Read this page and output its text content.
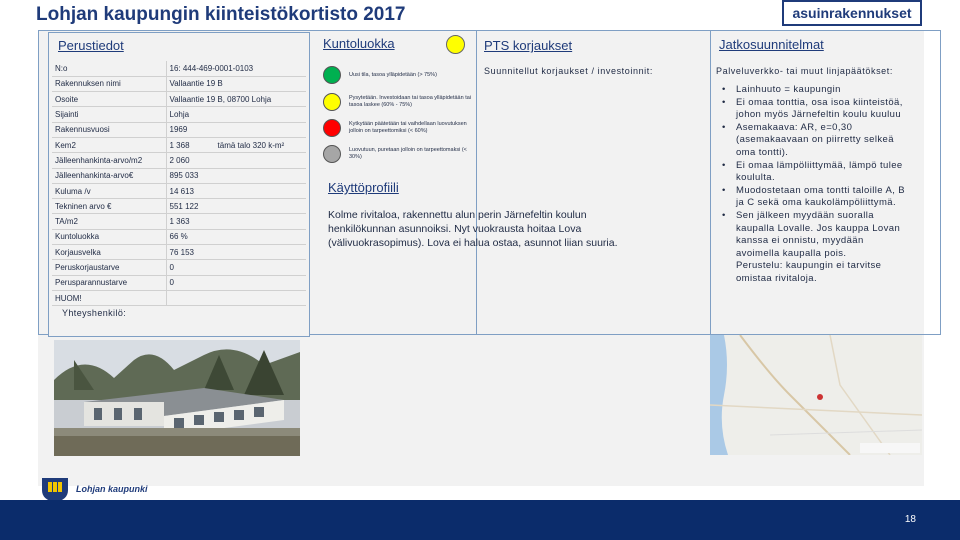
Lohjan kaupungin kiinteistökortisto 2017	asuinrakennukset
Perustiedot
N:o	16: 444-469-0001-0103
Rakennuksen nimi	Vallaantie 19 B
Osoite	Vallaantie 19 B, 08700 Lohja
Sijainti	Lohja
Rakennusvuosi	1969
Kem2	1 368 tämä talo 320 k-m²
Jälleenhankinta-arvo/m2	2 060
Jälleenhankinta-arvo€	895 033
Kuluma /v	14 613
Tekninen arvo €	551 122
TA/m2	1 363
Kuntoluokka	66 %
Korjausvelka	76 153
Peruskorjaustarve	0
Perusparannustarve	0
HUOM!	
Kuntoluokka
Uusi tila, tasoa ylläpidetään (> 75%)
Pysytetään. Investoidaan tai tasoa ylläpidetään tai tasoa laskee (60% - 75%)
Kytkytään päätetään tai vaihdellaan luovutuksen jolloin on tarpeettomiksi (< 60%)
Luovutuun, puretaan jolloin on tarpeettomaksi (< 30%)
Käyttöprofiili
Kolme rivitaloa, rakennettu alun perin Järnefeltin koulun henkilökunnan asunnoiksi. Nyt vuokrausta hoitaa Lova (välivuokrasopimus). Lova ei halua ostaa, asunnot liian suuria.
PTS korjaukset
Suunnitellut korjaukset / investoinnit:
Jatkosuunnitelmat
Palveluverkko- tai muut linjapäätökset:
• Lainhuuto = kaupungin
• Ei omaa tonttia, osa isoa kiinteistöä, johon myös Järnefeltin koulu kuuluu
• Asemakaava: AR, e=0,30 (asemakaavaan on piirretty selkeä oma tontti).
• Ei omaa lämpöliittymää, lämpö tulee koululta.
• Muodostetaan oma tontti taloille A, B ja C sekä oma kaukolämpöliittymä.
• Sen jälkeen myydään suoralla kaupalla Lovalle. Jos kauppa Lovan kanssa ei onnistu, myydään avoimella kaupalla pois.
Perustelu: kaupungin ei tarvitse omistaa rivitaloja.
Yhteyshenkilö:
Lohjan kaupunki
18
